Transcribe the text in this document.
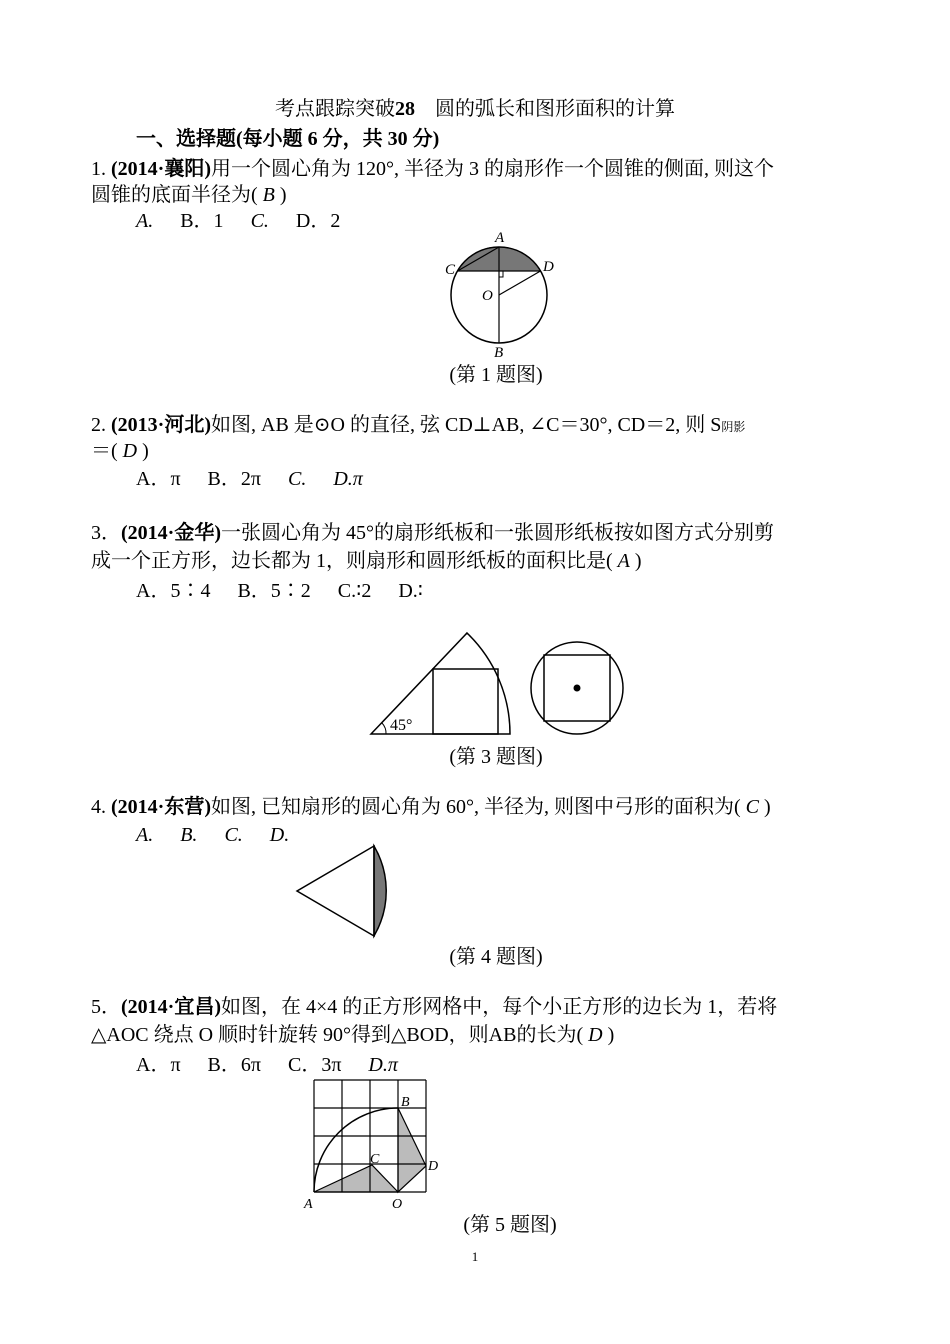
考点跟踪突破28 圆的弧长和图形面积的计算
一、选择题(每小题 6 分，共 30 分)
1. (2014·襄阳)用一个圆心角为 120°, 半径为 3 的扇形作一个圆锥的侧面, 则这个
圆锥的底面半径为( B )
A. B．1 C. D．2
A
C	D
O
B
(第 1 题图)
2. (2013·河北)如图, AB 是⊙O 的直径, 弦 CD⊥AB, ∠C＝30°, CD＝2, 则 S阴影
＝( D )
A．π B．2π C. D.π
3．(2014·金华)一张圆心角为 45°的扇形纸板和一张圆形纸板按如图方式分别剪
成一个正方形，边长都为 1，则扇形和圆形纸板的面积比是( A )
A．5∶4 B．5∶2 C.∶2 D.∶
45°
(第 3 题图)
4. (2014·东营)如图, 已知扇形的圆心角为 60°, 半径为, 则图中弓形的面积为( C )
A. B. C. D.
(第 4 题图)
5．(2014·宜昌)如图，在 4×4 的正方形网格中，每个小正方形的边长为 1，若将
△AOC 绕点 O 顺时针旋转 90°得到△BOD，则AB的长为( D )
A．π B．6π C．3π D.π
A
B
C	D
O
(第 5 题图)
1
